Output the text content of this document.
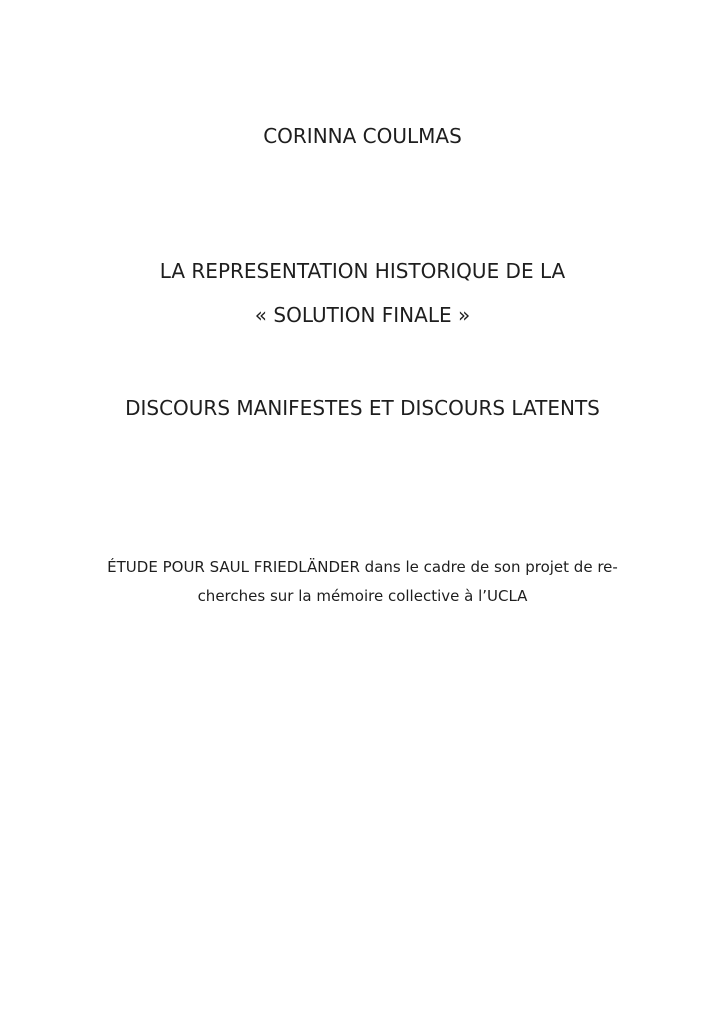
CORINNA COULMAS
LA REPRESENTATION HISTORIQUE DE LA
« SOLUTION FINALE »
DISCOURS MANIFESTES ET DISCOURS LATENTS
ÉTUDE POUR SAUL FRIEDLÄNDER dans le cadre de son projet de re-
cherches sur la mémoire collective à l’UCLA
